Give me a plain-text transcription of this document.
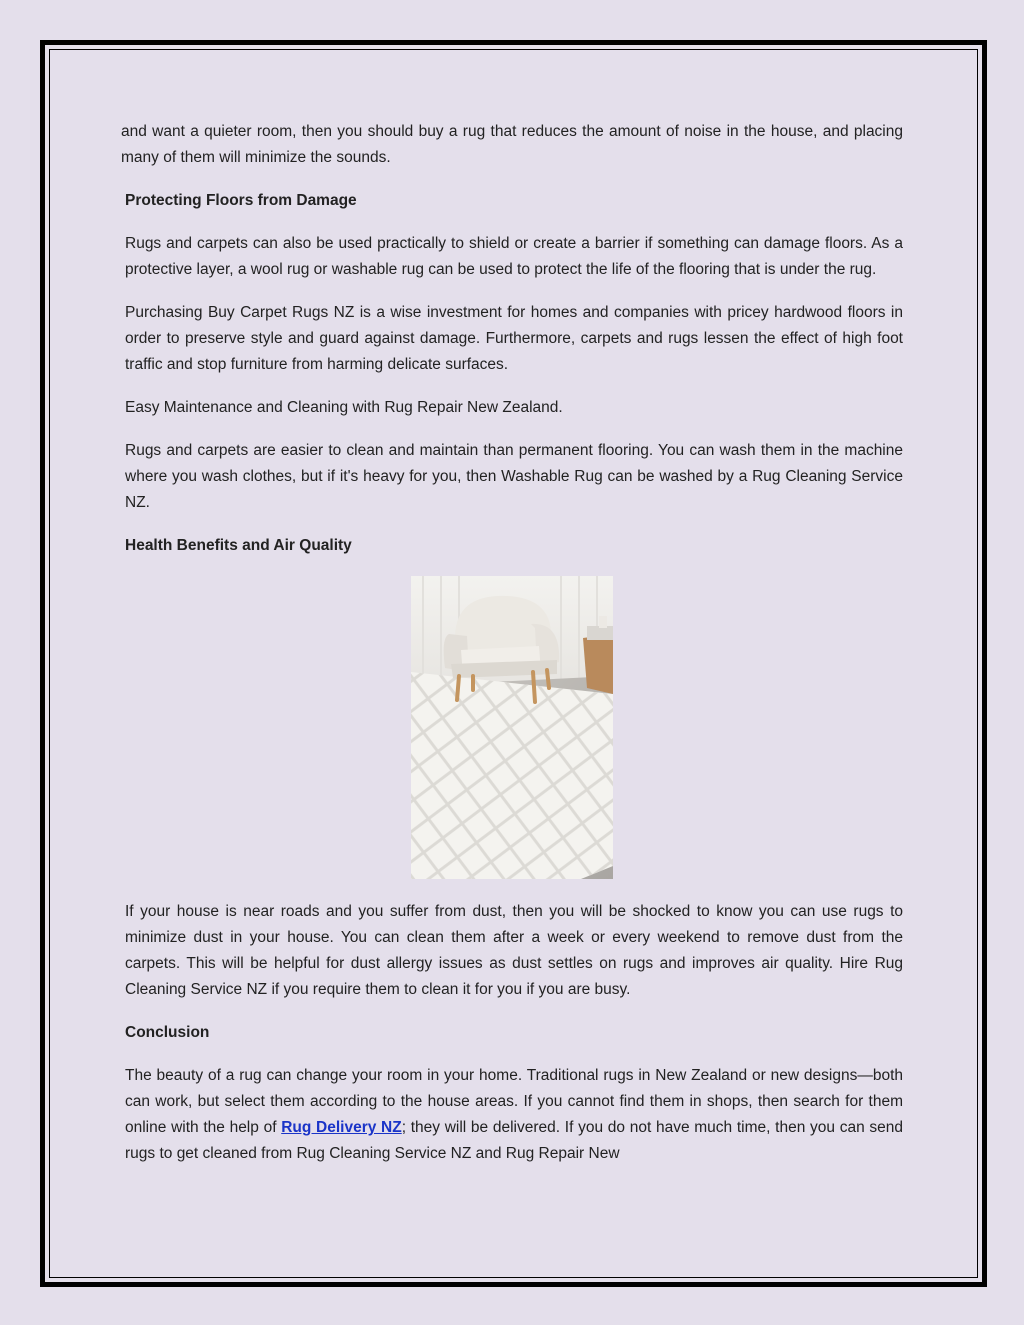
and want a quieter room, then you should buy a rug that reduces the amount of noise in the house, and placing many of them will minimize the sounds.

Protecting Floors from Damage

Rugs and carpets can also be used practically to shield or create a barrier if something can damage floors. As a protective layer, a wool rug or washable rug can be used to protect the life of the flooring that is under the rug.

Purchasing Buy Carpet Rugs NZ is a wise investment for homes and companies with pricey hardwood floors in order to preserve style and guard against damage. Furthermore, carpets and rugs lessen the effect of high foot traffic and stop furniture from harming delicate surfaces.

Easy Maintenance and Cleaning with Rug Repair New Zealand.

Rugs and carpets are easier to clean and maintain than permanent flooring. You can wash them in the machine where you wash clothes, but if it's heavy for you, then Washable Rug can be washed by a Rug Cleaning Service NZ.

Health Benefits and Air Quality

If your house is near roads and you suffer from dust, then you will be shocked to know you can use rugs to minimize dust in your house. You can clean them after a week or every weekend to remove dust from the carpets. This will be helpful for dust allergy issues as dust settles on rugs and improves air quality. Hire Rug Cleaning Service NZ if you require them to clean it for you if you are busy.

Conclusion

The beauty of a rug can change your room in your home. Traditional rugs in New Zealand or new designs—both can work, but select them according to the house areas. If you cannot find them in shops, then search for them online with the help of Rug Delivery NZ; they will be delivered. If you do not have much time, then you can send rugs to get cleaned from Rug Cleaning Service NZ and Rug Repair New
